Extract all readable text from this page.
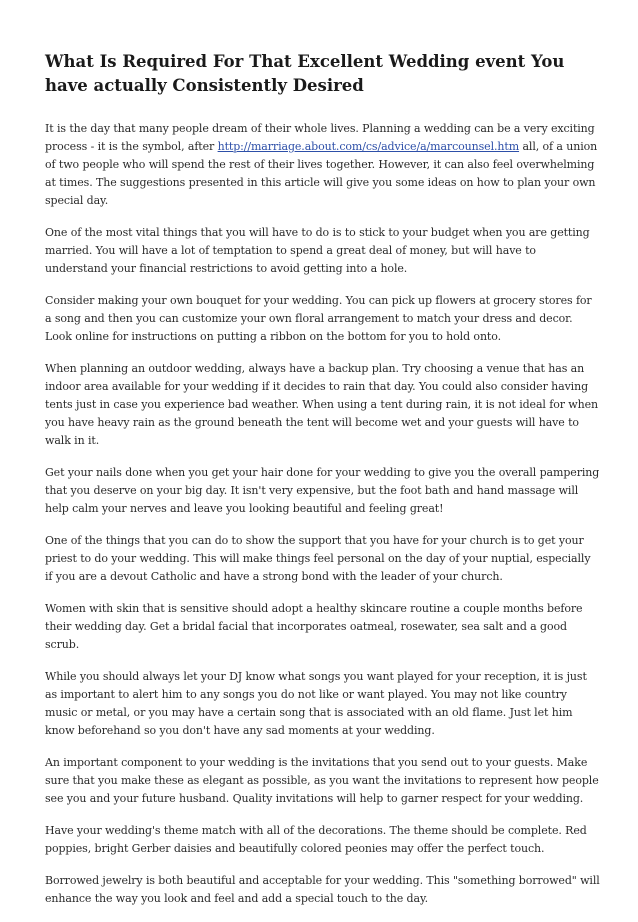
What Is Required For That Excellent Wedding event You have actually Consistently Desired

It is the day that many people dream of their whole lives. Planning a wedding can be a very exciting process - it is the symbol, after http://marriage.about.com/cs/advice/a/marcounsel.htm all, of a union of two people who will spend the rest of their lives together. However, it can also feel overwhelming at times. The suggestions presented in this article will give you some ideas on how to plan your own special day.

One of the most vital things that you will have to do is to stick to your budget when you are getting married. You will have a lot of temptation to spend a great deal of money, but will have to understand your financial restrictions to avoid getting into a hole.

Consider making your own bouquet for your wedding. You can pick up flowers at grocery stores for a song and then you can customize your own floral arrangement to match your dress and decor. Look online for instructions on putting a ribbon on the bottom for you to hold onto.

When planning an outdoor wedding, always have a backup plan. Try choosing a venue that has an indoor area available for your wedding if it decides to rain that day. You could also consider having tents just in case you experience bad weather. When using a tent during rain, it is not ideal for when you have heavy rain as the ground beneath the tent will become wet and your guests will have to walk in it.

Get your nails done when you get your hair done for your wedding to give you the overall pampering that you deserve on your big day. It isn't very expensive, but the foot bath and hand massage will help calm your nerves and leave you looking beautiful and feeling great!

One of the things that you can do to show the support that you have for your church is to get your priest to do your wedding. This will make things feel personal on the day of your nuptial, especially if you are a devout Catholic and have a strong bond with the leader of your church.

Women with skin that is sensitive should adopt a healthy skincare routine a couple months before their wedding day. Get a bridal facial that incorporates oatmeal, rosewater, sea salt and a good scrub.

While you should always let your DJ know what songs you want played for your reception, it is just as important to alert him to any songs you do not like or want played. You may not like country music or metal, or you may have a certain song that is associated with an old flame. Just let him know beforehand so you don't have any sad moments at your wedding.

An important component to your wedding is the invitations that you send out to your guests. Make sure that you make these as elegant as possible, as you want the invitations to represent how people see you and your future husband. Quality invitations will help to garner respect for your wedding.

Have your wedding's theme match with all of the decorations. The theme should be complete. Red poppies, bright Gerber daisies and beautifully colored peonies may offer the perfect touch.

Borrowed jewelry is both beautiful and acceptable for your wedding. This "something borrowed" will enhance the way you look and feel and add a special touch to the day.
